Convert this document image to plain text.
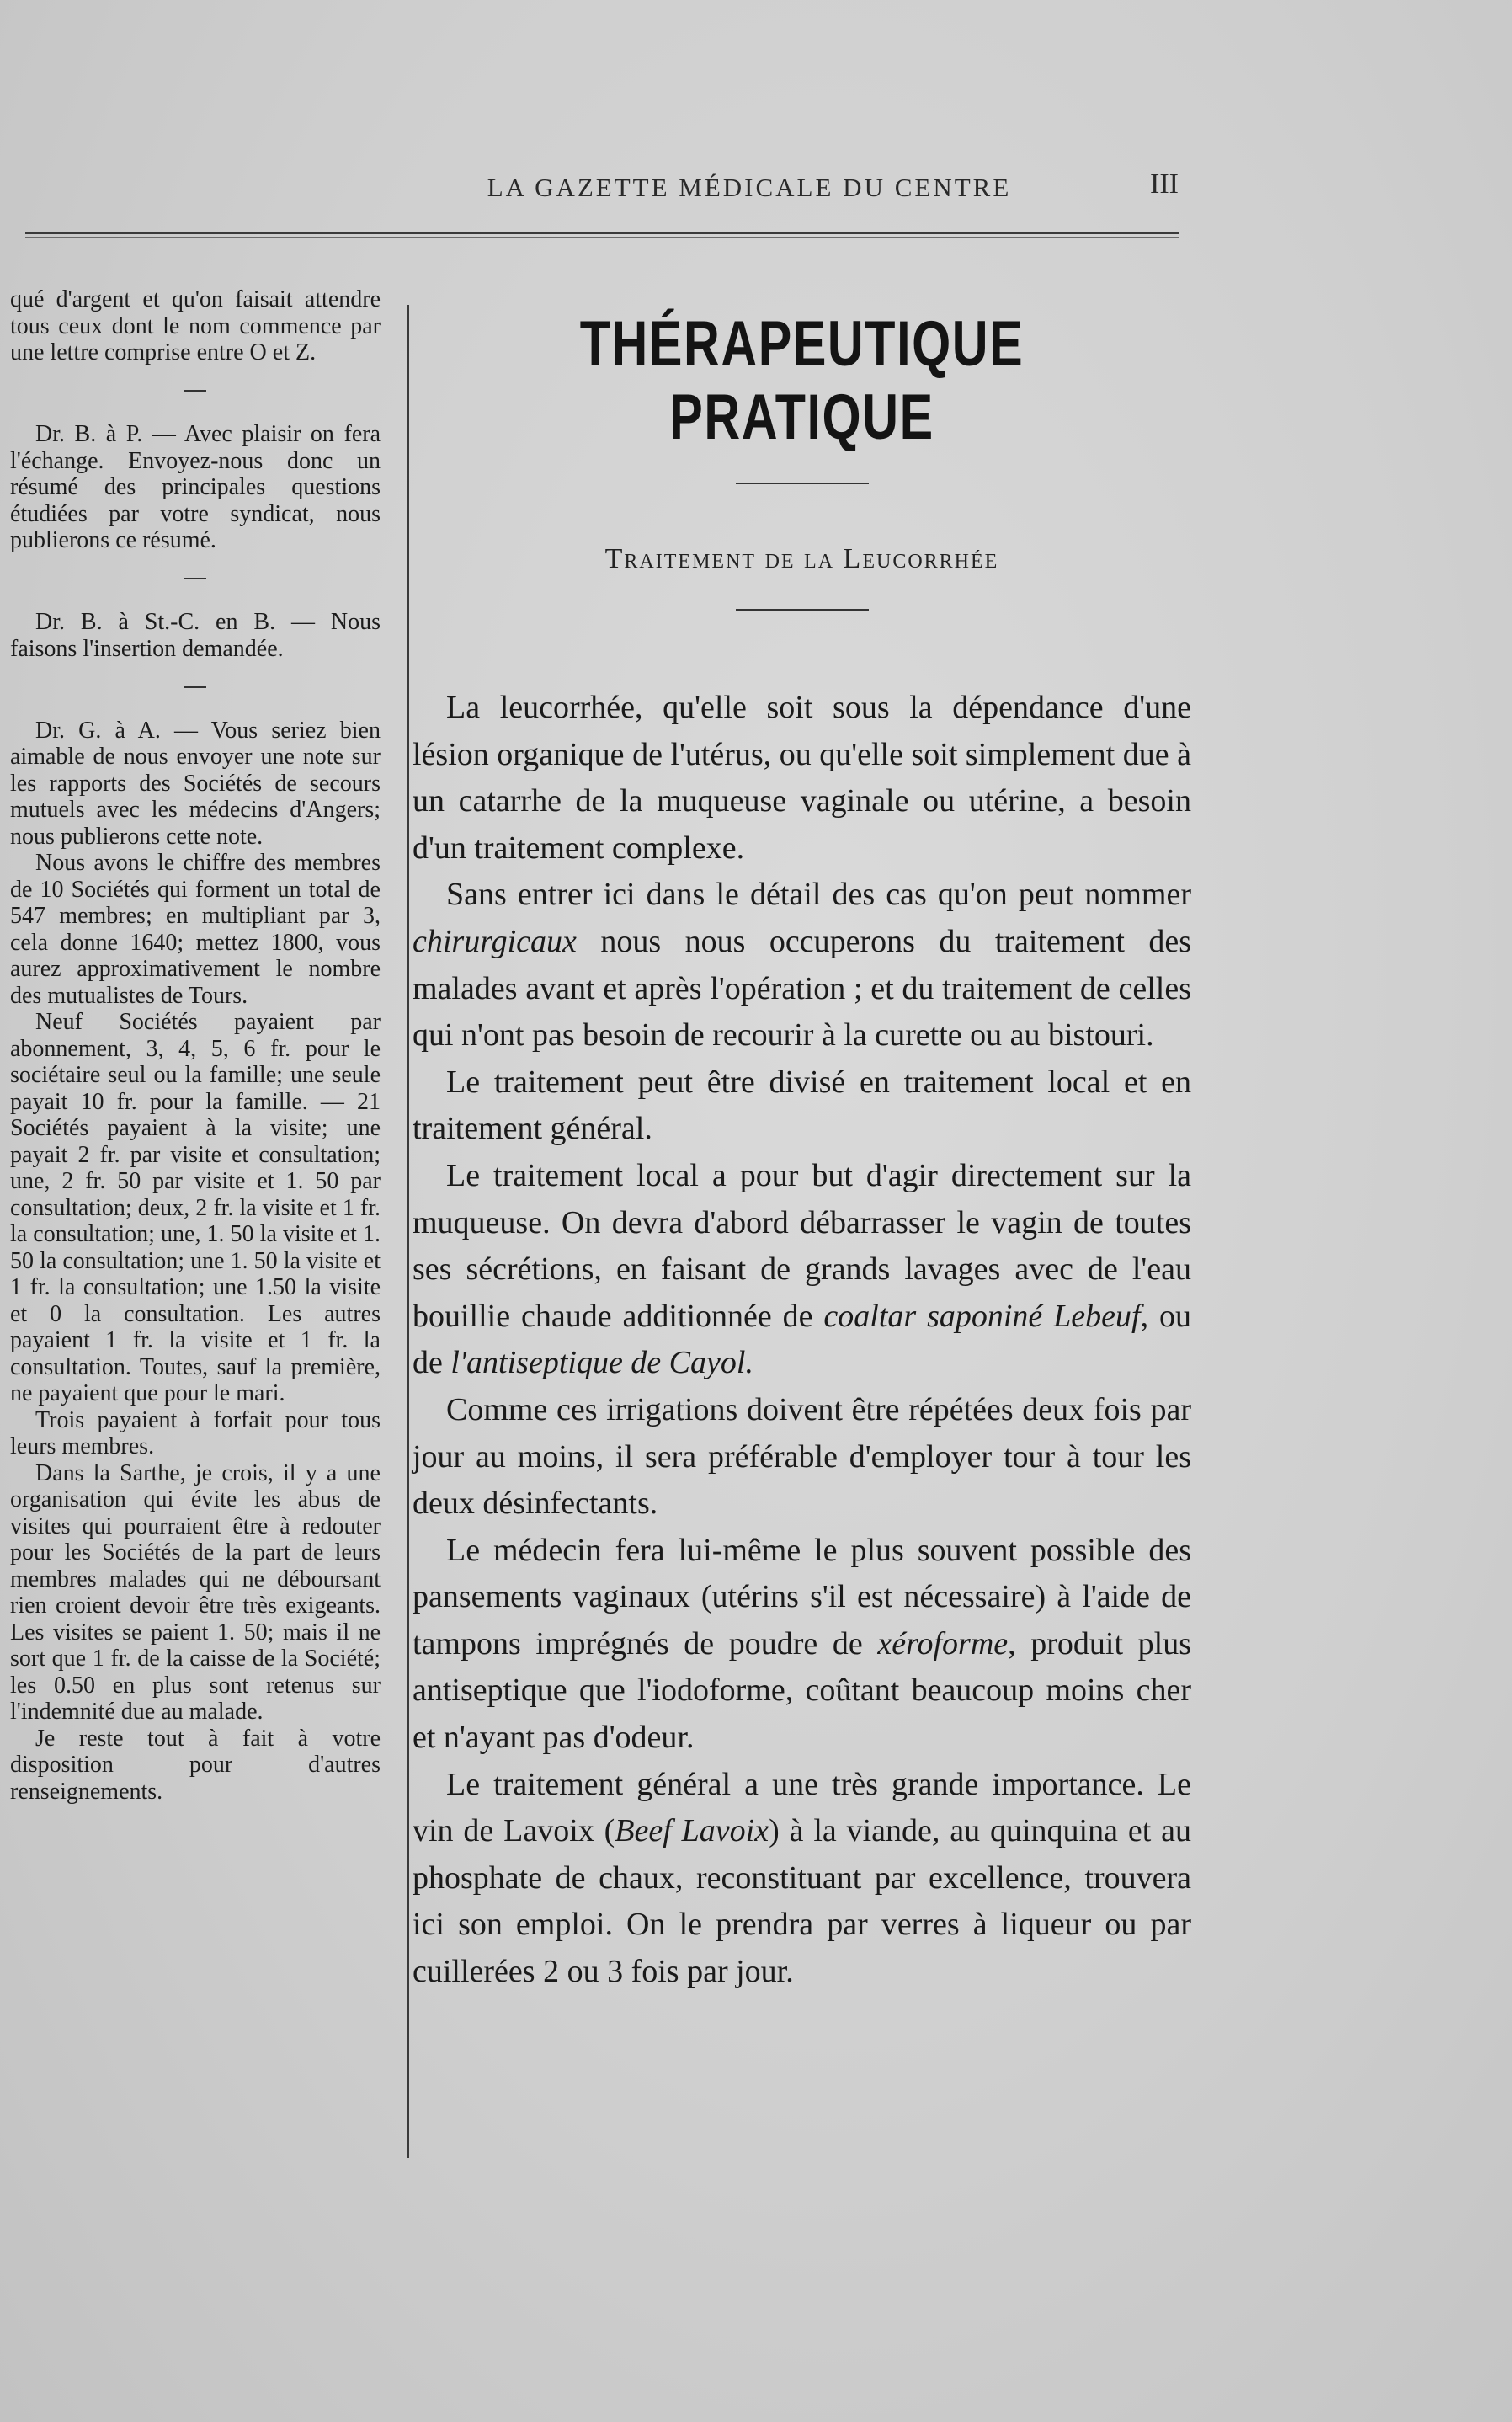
LA GAZETTE MÉDICALE DU CENTRE	III

qué d'argent et qu'on faisait attendre tous ceux dont le nom commence par une lettre comprise entre O et Z.

Dr. B. à P. — Avec plaisir on fera l'échange. Envoyez-nous donc un résumé des principales questions étudiées par votre syndicat, nous publierons ce résumé.

Dr. B. à St.-C. en B. — Nous faisons l'insertion demandée.

Dr. G. à A. — Vous seriez bien aimable de nous envoyer une note sur les rapports des Sociétés de secours mutuels avec les médecins d'Angers; nous publierons cette note.

Nous avons le chiffre des membres de 10 Sociétés qui forment un total de 547 membres; en multipliant par 3, cela donne 1640; mettez 1800, vous aurez approximativement le nombre des mutualistes de Tours.

Neuf Sociétés payaient par abonnement, 3, 4, 5, 6 fr. pour le sociétaire seul ou la famille; une seule payait 10 fr. pour la famille. — 21 Sociétés payaient à la visite; une payait 2 fr. par visite et consultation; une, 2 fr. 50 par visite et 1. 50 par consultation; deux, 2 fr. la visite et 1 fr. la consultation; une, 1. 50 la visite et 1. 50 la consultation; une 1. 50 la visite et 1 fr. la consultation; une 1.50 la visite et 0 la consultation. Les autres payaient 1 fr. la visite et 1 fr. la consultation. Toutes, sauf la première, ne payaient que pour le mari.

Trois payaient à forfait pour tous leurs membres.

Dans la Sarthe, je crois, il y a une organisation qui évite les abus de visites qui pourraient être à redouter pour les Sociétés de la part de leurs membres malades qui ne déboursant rien croient devoir être très exigeants. Les visites se paient 1. 50; mais il ne sort que 1 fr. de la caisse de la Société; les 0.50 en plus sont retenus sur l'indemnité due au malade.

Je reste tout à fait à votre disposition pour d'autres renseignements.

THÉRAPEUTIQUE PRATIQUE
Traitement de la Leucorrhée

La leucorrhée, qu'elle soit sous la dépendance d'une lésion organique de l'utérus, ou qu'elle soit simplement due à un catarrhe de la muqueuse vaginale ou utérine, a besoin d'un traitement complexe.

Sans entrer ici dans le détail des cas qu'on peut nommer chirurgicaux nous nous occuperons du traitement des malades avant et après l'opération ; et du traitement de celles qui n'ont pas besoin de recourir à la curette ou au bistouri.

Le traitement peut être divisé en traitement local et en traitement général.

Le traitement local a pour but d'agir directement sur la muqueuse. On devra d'abord débarrasser le vagin de toutes ses sécrétions, en faisant de grands lavages avec de l'eau bouillie chaude additionnée de coaltar saponiné Lebeuf, ou de l'antiseptique de Cayol.

Comme ces irrigations doivent être répétées deux fois par jour au moins, il sera préférable d'employer tour à tour les deux désinfectants.

Le médecin fera lui-même le plus souvent possible des pansements vaginaux (utérins s'il est nécessaire) à l'aide de tampons imprégnés de poudre de xéroforme, produit plus antiseptique que l'iodoforme, coûtant beaucoup moins cher et n'ayant pas d'odeur.

Le traitement général a une très grande importance. Le vin de Lavoix (Beef Lavoix) à la viande, au quinquina et au phosphate de chaux, reconstituant par excellence, trouvera ici son emploi. On le prendra par verres à liqueur ou par cuillerées 2 ou 3 fois par jour.
